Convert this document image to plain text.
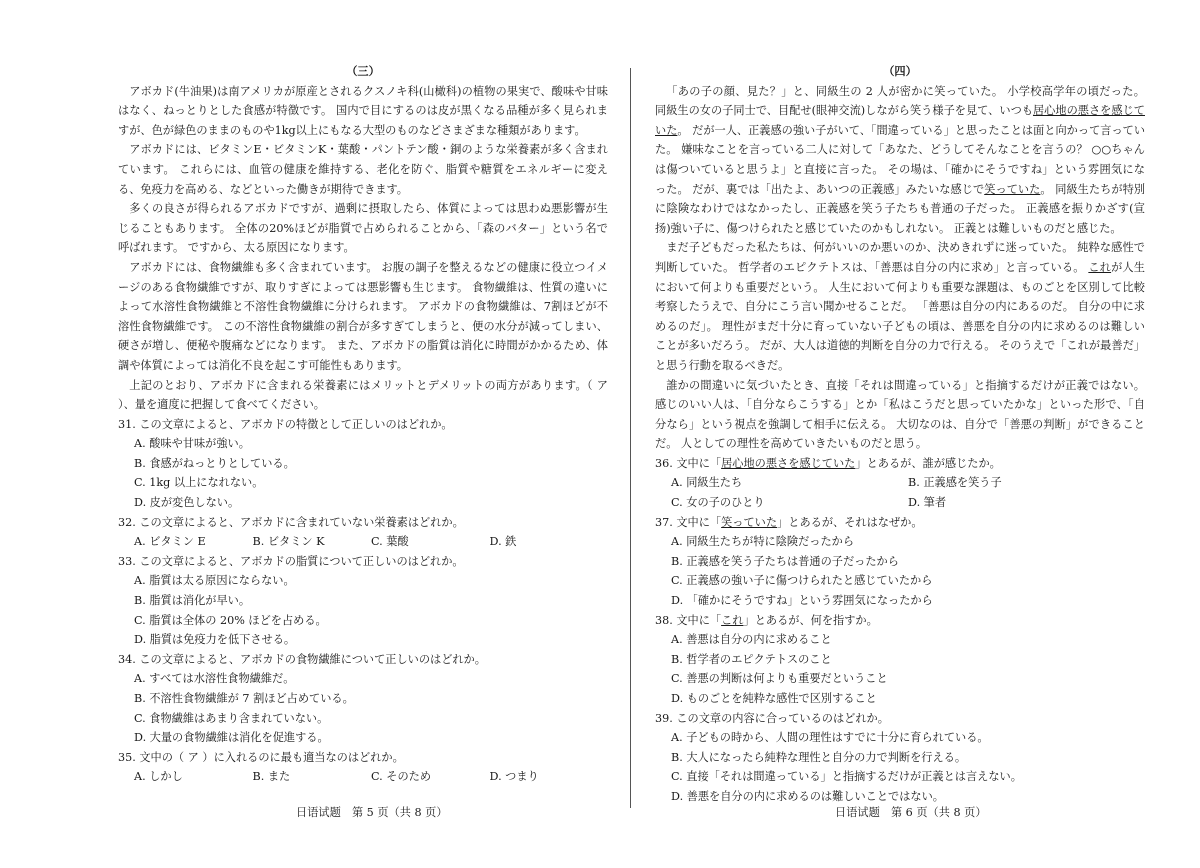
（三）

アボカド(牛油果)は南アメリカが原産とされるクスノキ科(山橄科)の植物の果実で、酸味や甘味はなく、ねっとりとした食感が特徴です。 国内で目にするのは皮が黒くなる品種が多く見られますが、色が緑色のままのものや1kg以上にもなる大型のものなどさまざまな種類があります。

アボカドには、ビタミンE・ビタミンK・葉酸・パントテン酸・銅のような栄養素が多く含まれています。 これらには、血管の健康を維持する、老化を防ぐ、脂質や糖質をエネルギーに変える、免疫力を高める、などといった働きが期待できます。

多くの良さが得られるアボカドですが、過剰に摂取したら、体質によっては思わぬ悪影響が生じることもあります。 全体の20%ほどが脂質で占められることから、「森のバター」という名で呼ばれます。 ですから、太る原因になります。

アボカドには、食物繊維も多く含まれています。 お腹の調子を整えるなどの健康に役立つイメージのある食物繊維ですが、取りすぎによっては悪影響も生じます。 食物繊維は、性質の違いによって水溶性食物繊維と不溶性食物繊維に分けられます。 アボカドの食物繊維は、7割ほどが不溶性食物繊維です。 この不溶性食物繊維の割合が多すぎてしまうと、便の水分が減ってしまい、硬さが増し、便秘や腹痛などになります。 また、アボカドの脂質は消化に時間がかかるため、体調や体質によっては消化不良を起こす可能性もあります。

上記のとおり、アボカドに含まれる栄養素にはメリットとデメリットの両方があります。（ ア ）、量を適度に把握して食べてください。

31. この文章によると、アボカドの特徴として正しいのはどれか。

A. 酸味や甘味が強い。

B. 食感がねっとりとしている。

C. 1kg 以上になれない。

D. 皮が変色しない。

32. この文章によると、アボカドに含まれていない栄養素はどれか。

A. ビタミン E	B. ビタミン K	C. 葉酸	D. 鉄

33. この文章によると、アボカドの脂質について正しいのはどれか。

A. 脂質は太る原因にならない。

B. 脂質は消化が早い。

C. 脂質は全体の 20% ほどを占める。

D. 脂質は免疫力を低下させる。

34. この文章によると、アボカドの食物繊維について正しいのはどれか。

A. すべては水溶性食物繊維だ。

B. 不溶性食物繊維が 7 割ほど占めている。

C. 食物繊維はあまり含まれていない。

D. 大量の食物繊維は消化を促進する。

35. 文中の（ ア ）に入れるのに最も適当なのはどれか。

A. しかし	B. また	C. そのため	D. つまり

（四）

「あの子の顔、見た？」と、同級生の 2 人が密かに笑っていた。 小学校高学年の頃だった。 同級生の女の子同士で、目配せ(眼神交流)しながら笑う様子を見て、いつも居心地の悪さを感じていた。 だが一人、正義感の強い子がいて、「間違っている」と思ったことは面と向かって言っていた。 嫌味なことを言っている二人に対して「あなた、どうしてそんなことを言うの？ ○○ちゃんは傷ついていると思うよ」と直接に言った。 その場は、「確かにそうですね」という雰囲気になった。 だが、裏では「出たよ、あいつの正義感」みたいな感じで笑っていた。 同級生たちが特別に陰険なわけではなかったし、正義感を笑う子たちも普通の子だった。 正義感を振りかざす(宣扬)強い子に、傷つけられたと感じていたのかもしれない。 正義とは難しいものだと感じた。

まだ子どもだった私たちは、何がいいのか悪いのか、決めきれずに迷っていた。 純粋な感性で判断していた。 哲学者のエピクテトスは、「善悪は自分の内に求め」と言っている。 これが人生において何よりも重要だという。 人生において何よりも重要な課題は、ものごとを区別して比較考察したうえで、自分にこう言い聞かせることだ。 「善悪は自分の内にあるのだ。 自分の中に求めるのだ」。 理性がまだ十分に育っていない子どもの頃は、善悪を自分の内に求めるのは難しいことが多いだろう。 だが、大人は道徳的判断を自分の力で行える。 そのうえで「これが最善だ」と思う行動を取るべきだ。

誰かの間違いに気づいたとき、直接「それは間違っている」と指摘するだけが正義ではない。 感じのいい人は、「自分ならこうする」とか「私はこうだと思っていたかな」といった形で、「自分なら」という視点を強調して相手に伝える。 大切なのは、自分で「善悪の判断」ができることだ。 人としての理性を高めていきたいものだと思う。

36. 文中に「居心地の悪さを感じていた」とあるが、誰が感じたか。

A. 同級生たち	B. 正義感を笑う子
C. 女の子のひとり	D. 筆者

37. 文中に「笑っていた」とあるが、それはなぜか。

A. 同級生たちが特に陰険だったから

B. 正義感を笑う子たちは普通の子だったから

C. 正義感の強い子に傷つけられたと感じていたから

D. 「確かにそうですね」という雰囲気になったから

38. 文中に「これ」とあるが、何を指すか。

A. 善悪は自分の内に求めること

B. 哲学者のエピクテトスのこと

C. 善悪の判断は何よりも重要だということ

D. ものごとを純粋な感性で区別すること

39. この文章の内容に合っているのはどれか。

A. 子どもの時から、人間の理性はすでに十分に育られている。

B. 大人になったら純粋な理性と自分の力で判断を行える。

C. 直接「それは間違っている」と指摘するだけが正義とは言えない。

D. 善悪を自分の内に求めるのは難しいことではない。

日语试题　第 5 页（共 8 页）	日语试题　第 6 页（共 8 页）
